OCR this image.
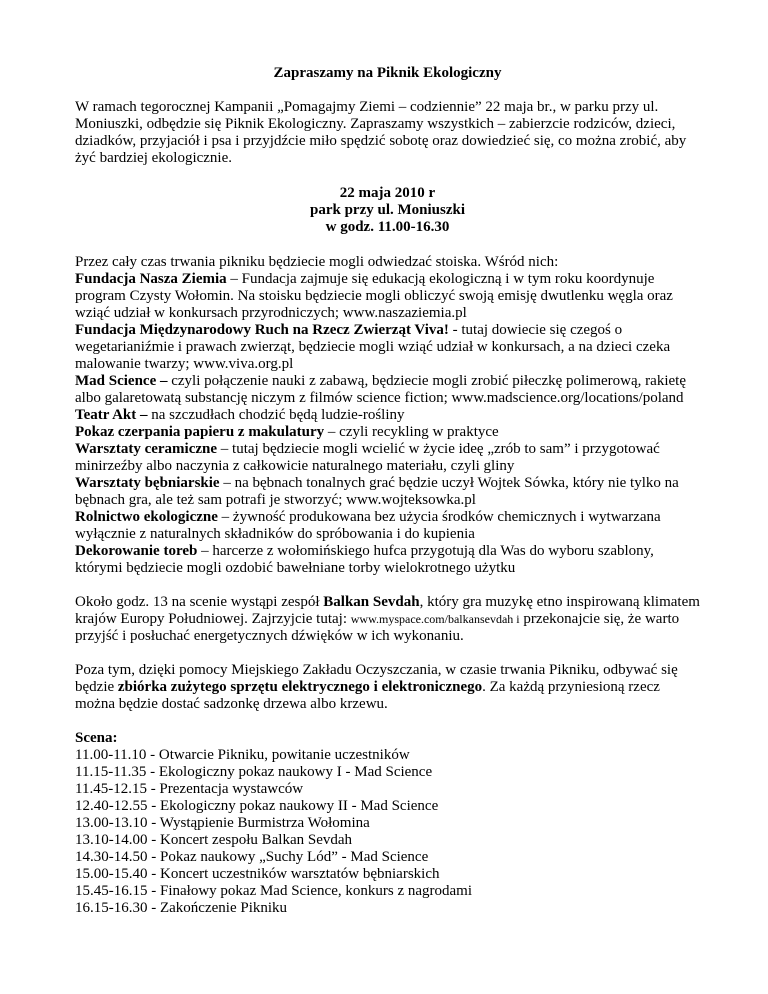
Zapraszamy na Piknik Ekologiczny

W ramach tegorocznej Kampanii „Pomagajmy Ziemi – codziennie” 22 maja br., w parku przy ul. Moniuszki, odbędzie się Piknik Ekologiczny. Zapraszamy wszystkich – zabierzcie rodziców, dzieci, dziadków, przyjaciół i psa i przyjdźcie miło spędzić sobotę oraz dowiedzieć się, co można zrobić, aby żyć bardziej ekologicznie.

22 maja 2010 r
park przy ul. Moniuszki
w godz. 11.00-16.30

Przez cały czas trwania pikniku będziecie mogli odwiedzać stoiska. Wśród nich:

Fundacja Nasza Ziemia – Fundacja zajmuje się edukacją ekologiczną i w tym roku koordynuje program Czysty Wołomin. Na stoisku będziecie mogli obliczyć swoją emisję dwutlenku węgla oraz wziąć udział w konkursach przyrodniczych; www.naszaziemia.pl

Fundacja Międzynarodowy Ruch na Rzecz Zwierząt Viva! - tutaj dowiecie się czegoś o wegetarianiźmie i prawach zwierząt, będziecie mogli wziąć udział w konkursach, a na dzieci czeka malowanie twarzy; www.viva.org.pl

Mad Science – czyli połączenie nauki z zabawą, będziecie mogli zrobić piłeczkę polimerową, rakietę albo galaretowatą substancję niczym z filmów science fiction; www.madscience.org/locations/poland

Teatr Akt – na szczudłach chodzić będą ludzie-rośliny

Pokaz czerpania papieru z makulatury – czyli recykling w praktyce

Warsztaty ceramiczne – tutaj będziecie mogli wcielić w życie ideę „zrób to sam” i przygotować minirzeźby albo naczynia z całkowicie naturalnego materiału, czyli gliny

Warsztaty bębniarskie – na bębnach tonalnych grać będzie uczył Wojtek Sówka, który nie tylko na bębnach gra, ale też sam potrafi je stworzyć; www.wojteksowka.pl

Rolnictwo ekologiczne – żywność produkowana bez użycia środków chemicznych i wytwarzana wyłącznie z naturalnych składników do spróbowania i do kupienia

Dekorowanie toreb – harcerze z wołomińskiego hufca przygotują dla Was do wyboru szablony, którymi będziecie mogli ozdobić bawełniane torby wielokrotnego użytku

Około godz. 13 na scenie wystąpi zespół Balkan Sevdah, który gra muzykę etno inspirowaną klimatem krajów Europy Południowej. Zajrzyjcie tutaj: www.myspace.com/balkansevdah i przekonajcie się, że warto przyjść i posłuchać energetycznych dźwięków w ich wykonaniu.

Poza tym, dzięki pomocy Miejskiego Zakładu Oczyszczania, w czasie trwania Pikniku, odbywać się będzie zbiórka zużytego sprzętu elektrycznego i elektronicznego. Za każdą przyniesioną rzecz można będzie dostać sadzonkę drzewa albo krzewu.

Scena:

11.00-11.10 - Otwarcie Pikniku, powitanie uczestników

11.15-11.35 - Ekologiczny pokaz naukowy I - Mad Science

11.45-12.15 - Prezentacja wystawców

12.40-12.55 - Ekologiczny pokaz naukowy II - Mad Science

13.00-13.10 - Wystąpienie Burmistrza Wołomina

13.10-14.00 - Koncert zespołu Balkan Sevdah

14.30-14.50 - Pokaz naukowy „Suchy Lód” - Mad Science

15.00-15.40 - Koncert uczestników warsztatów bębniarskich

15.45-16.15 - Finałowy pokaz Mad Science, konkurs z nagrodami

16.15-16.30 - Zakończenie Pikniku
